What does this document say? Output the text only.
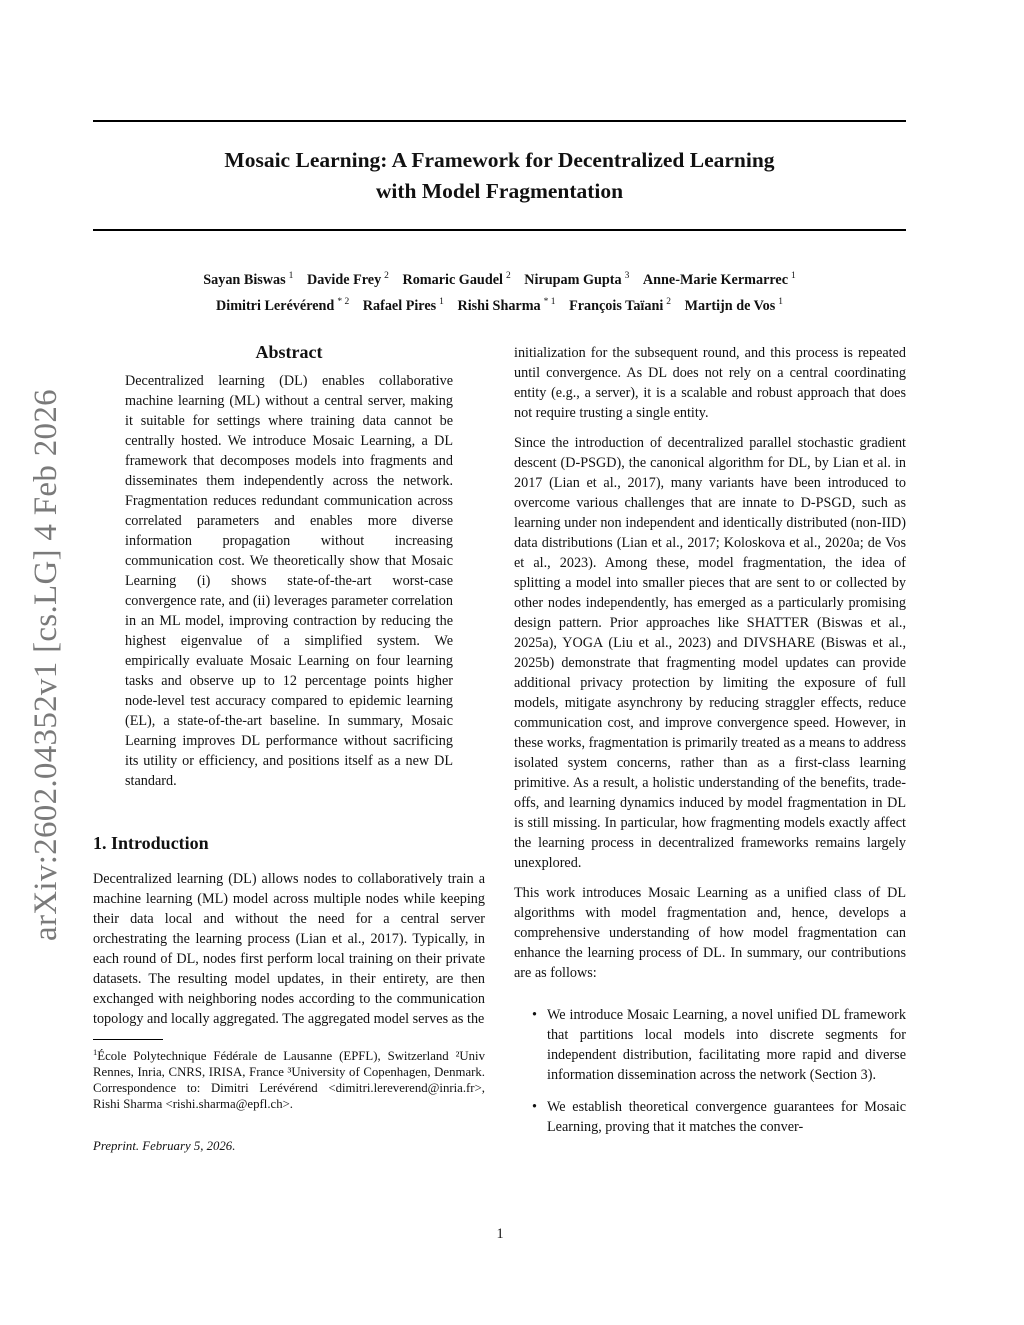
arXiv:2602.04352v1 [cs.LG] 4 Feb 2026
Mosaic Learning: A Framework for Decentralized Learning
with Model Fragmentation
Sayan Biswas $^1$ Davide Frey $^2$ Romaric Gaudel $^2$ Nirupam Gupta $^3$ Anne-Marie Kermarrec $^1$
Dimitri Lerévérend $^{* 2}$ Rafael Pires $^1$ Rishi Sharma $^{* 1}$ François Taïani $^2$ Martijn de Vos $^1$
Abstract

Decentralized learning (DL) enables collaborative machine learning (ML) without a central server, making it suitable for settings where training data cannot be centrally hosted. We introduce Mosaic Learning, a DL framework that decomposes models into fragments and disseminates them independently across the network. Fragmentation reduces redundant communication across correlated parameters and enables more diverse information propagation without increasing communication cost. We theoretically show that Mosaic Learning (i) shows state-of-the-art worst-case convergence rate, and (ii) leverages parameter correlation in an ML model, improving contraction by reducing the highest eigenvalue of a simplified system. We empirically evaluate Mosaic Learning on four learning tasks and observe up to 12 percentage points higher node-level test accuracy compared to epidemic learning (EL), a state-of-the-art baseline. In summary, Mosaic Learning improves DL performance without sacrificing its utility or efficiency, and positions itself as a new DL standard.

1. Introduction

Decentralized learning (DL) allows nodes to collaboratively train a machine learning (ML) model across multiple nodes while keeping their data local and without the need for a central server orchestrating the learning process (Lian et al., 2017). Typically, in each round of DL, nodes first perform local training on their private datasets. The resulting model updates, in their entirety, are then exchanged with neighboring nodes according to the communication topology and locally aggregated. The aggregated model serves as the

$^1$École Polytechnique Fédérale de Lausanne (EPFL), Switzerland ²Univ Rennes, Inria, CNRS, IRISA, France ³University of Copenhagen, Denmark. Correspondence to: Dimitri Lerévérend <dimitri.lereverend@inria.fr>, Rishi Sharma <rishi.sharma@epfl.ch>.

Preprint. February 5, 2026.

initialization for the subsequent round, and this process is repeated until convergence. As DL does not rely on a central coordinating entity (e.g., a server), it is a scalable and robust approach that does not require trusting a single entity.

Since the introduction of decentralized parallel stochastic gradient descent (D-PSGD), the canonical algorithm for DL, by Lian et al. in 2017 (Lian et al., 2017), many variants have been introduced to overcome various challenges that are innate to D-PSGD, such as learning under non independent and identically distributed (non-IID) data distributions (Lian et al., 2017; Koloskova et al., 2020a; de Vos et al., 2023). Among these, model fragmentation, the idea of splitting a model into smaller pieces that are sent to or collected by other nodes independently, has emerged as a particularly promising design pattern. Prior approaches like SHATTER (Biswas et al., 2025a), YOGA (Liu et al., 2023) and DIVSHARE (Biswas et al., 2025b) demonstrate that fragmenting model updates can provide additional privacy protection by limiting the exposure of full models, mitigate asynchrony by reducing straggler effects, reduce communication cost, and improve convergence speed. However, in these works, fragmentation is primarily treated as a means to address isolated system concerns, rather than as a first-class learning primitive. As a result, a holistic understanding of the benefits, trade-offs, and learning dynamics induced by model fragmentation in DL is still missing. In particular, how fragmenting models exactly affect the learning process in decentralized frameworks remains largely unexplored.

This work introduces Mosaic Learning as a unified class of DL algorithms with model fragmentation and, hence, develops a comprehensive understanding of how model fragmentation can enhance the learning process of DL. In summary, our contributions are as follows:

• We introduce Mosaic Learning, a novel unified DL framework that partitions local models into discrete segments for independent distribution, facilitating more rapid and diverse information dissemination across the network (Section 3).

• We establish theoretical convergence guarantees for Mosaic Learning, proving that it matches the conver-

1
